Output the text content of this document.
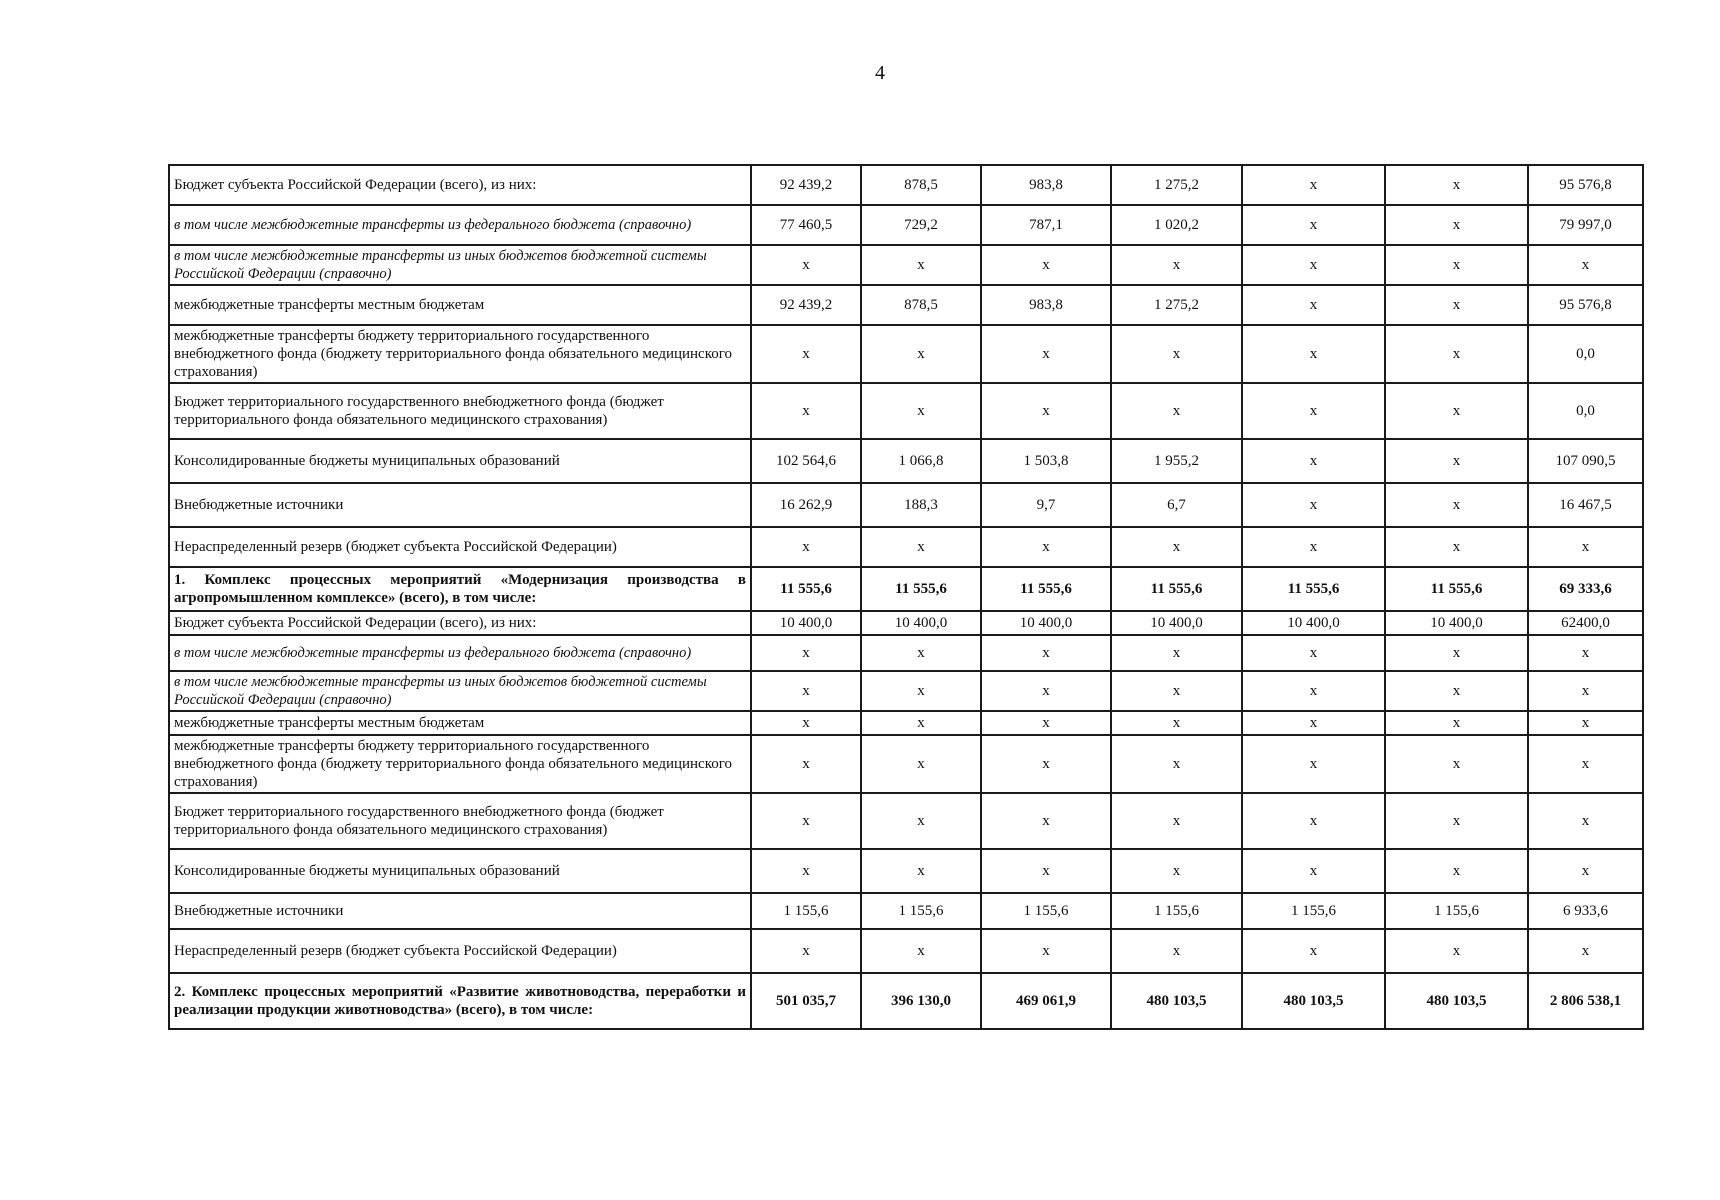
4
Бюджет субъекта Российской Федерации (всего), из них:	92 439,2	878,5	983,8	1 275,2	x	x	95 576,8
в том числе межбюджетные трансферты из федерального бюджета (справочно)	77 460,5	729,2	787,1	1 020,2	x	x	79 997,0
в том числе межбюджетные трансферты из иных бюджетов бюджетной системы Российской Федерации (справочно)	x	x	x	x	x	x	x
межбюджетные трансферты местным бюджетам	92 439,2	878,5	983,8	1 275,2	x	x	95 576,8
межбюджетные трансферты бюджету территориального государственного внебюджетного фонда (бюджету территориального фонда обязательного медицинского страхования)	x	x	x	x	x	x	0,0
Бюджет территориального государственного внебюджетного фонда (бюджет территориального фонда обязательного медицинского страхования)	x	x	x	x	x	x	0,0
Консолидированные бюджеты муниципальных образований	102 564,6	1 066,8	1 503,8	1 955,2	x	x	107 090,5
Внебюджетные источники	16 262,9	188,3	9,7	6,7	x	x	16 467,5
Нераспределенный резерв (бюджет субъекта Российской Федерации)	x	x	x	x	x	x	x
1. Комплекс процессных мероприятий «Модернизация производства в агропромышленном комплексе» (всего), в том числе:	11 555,6	11 555,6	11 555,6	11 555,6	11 555,6	11 555,6	69 333,6
Бюджет субъекта Российской Федерации (всего), из них:	10 400,0	10 400,0	10 400,0	10 400,0	10 400,0	10 400,0	62400,0
в том числе межбюджетные трансферты из федерального бюджета (справочно)	x	x	x	x	x	x	x
в том числе межбюджетные трансферты из иных бюджетов бюджетной системы Российской Федерации (справочно)	x	x	x	x	x	x	x
межбюджетные трансферты местным бюджетам	x	x	x	x	x	x	x
межбюджетные трансферты бюджету территориального государственного внебюджетного фонда (бюджету территориального фонда обязательного медицинского страхования)	x	x	x	x	x	x	x
Бюджет территориального государственного внебюджетного фонда (бюджет территориального фонда обязательного медицинского страхования)	x	x	x	x	x	x	x
Консолидированные бюджеты муниципальных образований	x	x	x	x	x	x	x
Внебюджетные источники	1 155,6	1 155,6	1 155,6	1 155,6	1 155,6	1 155,6	6 933,6
Нераспределенный резерв (бюджет субъекта Российской Федерации)	x	x	x	x	x	x	x
2. Комплекс процессных мероприятий «Развитие животноводства, переработки и реализации продукции животноводства» (всего), в том числе:	501 035,7	396 130,0	469 061,9	480 103,5	480 103,5	480 103,5	2 806 538,1
